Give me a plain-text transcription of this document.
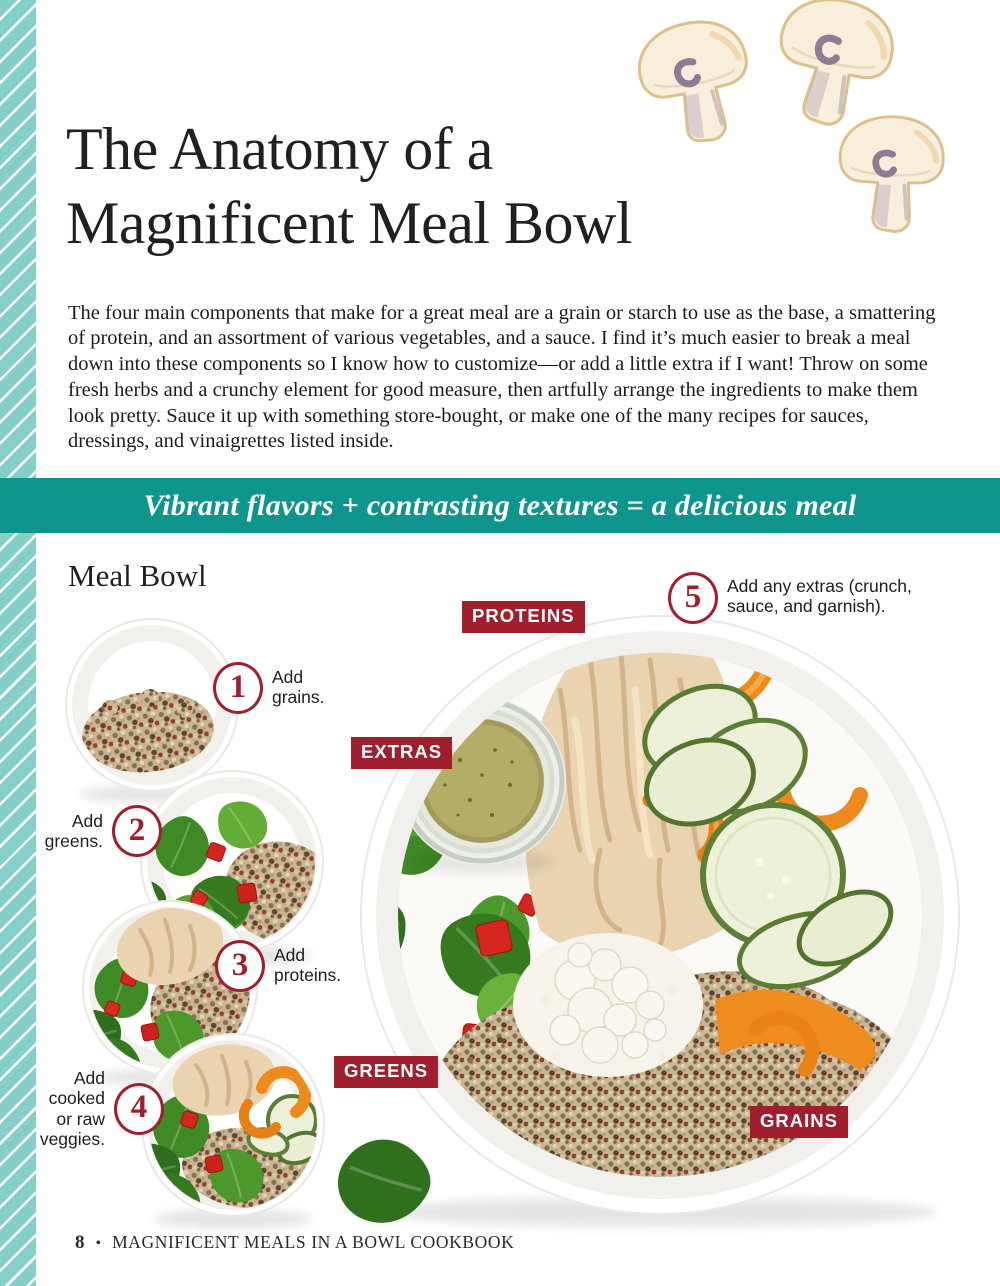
The Anatomy of a
Magnificent Meal Bowl

The four main components that make for a great meal are a grain or starch to use as the base, a smattering of protein, and an assortment of various vegetables, and a sauce. I find it’s much easier to break a meal down into these components so I know how to customize—or add a little extra if I want! Throw on some fresh herbs and a crunchy element for good measure, then artfully arrange the ingredients to make them look pretty. Sauce it up with something store-bought, or make one of the many recipes for sauces, dressings, and vinaigrettes listed inside.

Vibrant flavors + contrasting textures = a delicious meal
Meal Bowl
PROTEINS
EXTRAS
GREENS
GRAINS
1	Add grains.
Add greens. 2
3	Add proteins.
Add cooked or raw veggies.
4
5	Add any extras (crunch, sauce, and garnish).
8 • MAGNIFICENT MEALS IN A BOWL COOKBOOK
